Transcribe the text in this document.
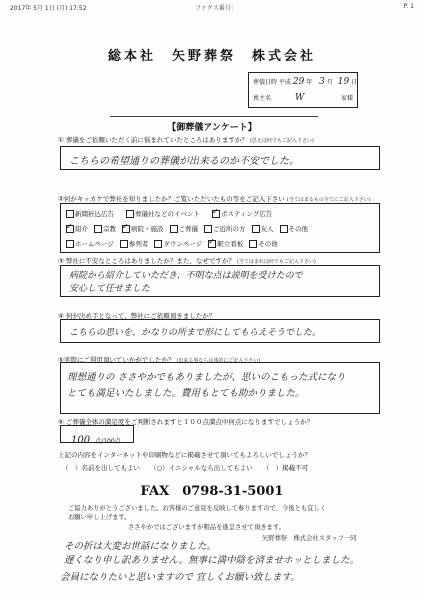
2017年 5月 1日 (月) 17:52	ファクス番号：	P. 1
総本社　矢野葬祭　株式会社
葬儀日時 平成 29 年 3 月 19 日
喪主名	W	家様
【御葬儀アンケート】
① 葬儀をご依頼いただく前に悩まれていたところはありますか？ (思えば何でもご記入下さい)
こちらの希望通りの葬儀が出来るのか不安でした。
②何がキッカケで弊社を知りましたか？ご覧いただいたもの等をご記入下さい (当てはまるもの全てにご記入下さい)
新聞折込広告	葬儀社などのイベント ✓	ポスティング広告
✓
紹介 宗教 ✓ 病院・施設 ご葬儀 ご近所の方 友人 その他
ホームページ 参列者 タウンページ ✓ 駅立看板 その他
③ 弊社に不安なところはありましたか？また、なぜですか？ (当てはまれば何でもご記入下さい)
病院から紹介していただき、不明な点は説明を受けたので
安心して任せました
④ 何が決め手となって、弊社にご依頼頂きましたか？
こちらの思いを、かなりの所まで形にしてもらえそうでした。
⑤実際にご利用頂いていかがでしたか？ (出来る事なら具体的にご記入下さい)
理想通りの ささやかでもありましたが、思いのこもった式になり
とても満足いたしました。費用もとても助かりました。
⑥ ご葬儀全体の満足度をご判断されますと１００点満点中何点になりますでしょうか？
100 点/100点
上記の内容をインターネットや印刷物などに掲載させて頂いてもよろしいでしょうか？
（　）名前を出してもよい （○）イニシャルなら出してもよい （　）掲載不可
FAX　0798-31-5001
ご協力ありがとうございました。お客様のご意見を反映して参りますので、今後とも宜しく
お願い申し上げます。
ささやかではございますが粗品を進呈させて頂きます。
矢野葬祭　株式会社スタッフ一同
その折は大変お世話になりました。
遅くなり申し訳ありません。無事に満中陰を済ませホッとしました。
会員になりたいと思いますので 宜しくお願い致します。
